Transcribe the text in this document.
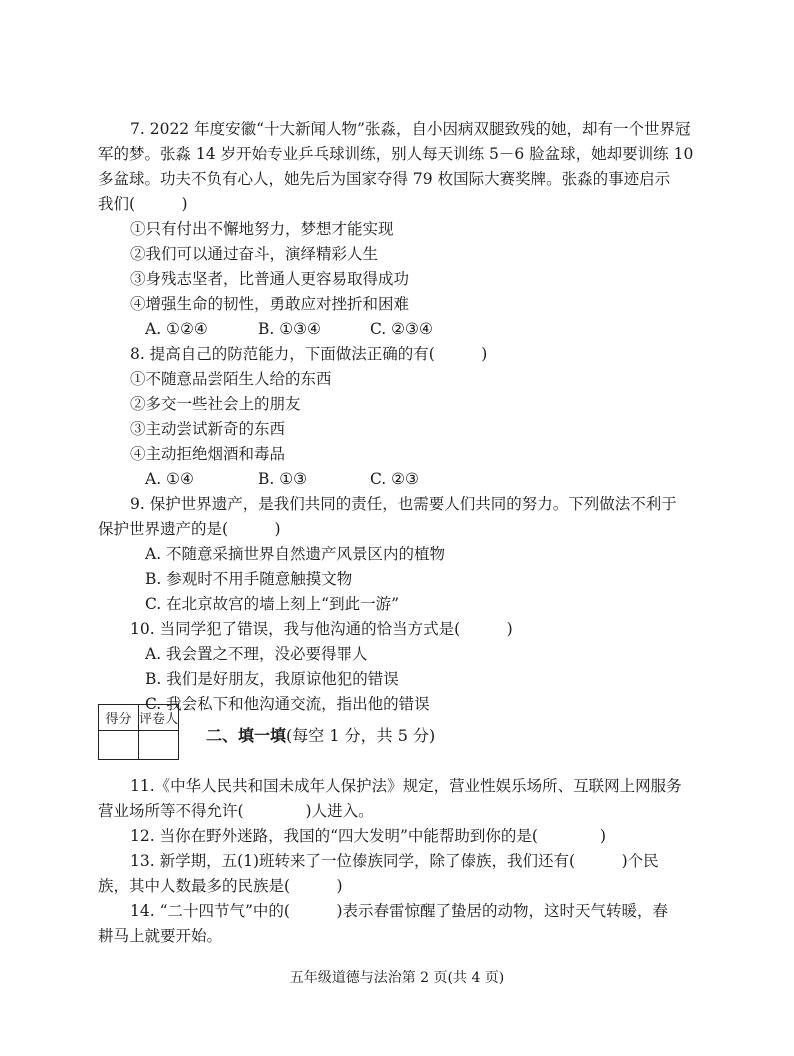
7. 2022 年度安徽“十大新闻人物”张淼，自小因病双腿致残的她，却有一个世界冠
军的梦。张淼 14 岁开始专业乒乓球训练，别人每天训练 5－6 脸盆球，她却要训练 10
多盆球。功夫不负有心人，她先后为国家夺得 79 枚国际大赛奖牌。张淼的事迹启示
我们(　　　)
①只有付出不懈地努力，梦想才能实现
②我们可以通过奋斗，演绎精彩人生
③身残志坚者，比普通人更容易取得成功
④增强生命的韧性，勇敢应对挫折和困难
A. ①②④	B. ①③④	C. ②③④
8. 提高自己的防范能力，下面做法正确的有(　　　)
①不随意品尝陌生人给的东西
②多交一些社会上的朋友
③主动尝试新奇的东西
④主动拒绝烟酒和毒品
A. ①④	B. ①③	C. ②③
9. 保护世界遗产，是我们共同的责任，也需要人们共同的努力。下列做法不利于
保护世界遗产的是(　　　)
A. 不随意采摘世界自然遗产风景区内的植物
B. 参观时不用手随意触摸文物
C. 在北京故宫的墙上刻上“到此一游”
10. 当同学犯了错误，我与他沟通的恰当方式是(　　　)
A. 我会置之不理，没必要得罪人
B. 我们是好朋友，我原谅他犯的错误
C. 我会私下和他沟通交流，指出他的错误
得分	评卷人

二、填一填(每空 1 分，共 5 分)
11.《中华人民共和国未成年人保护法》规定，营业性娱乐场所、互联网上网服务
营业场所等不得允许(　　　　)人进入。
12. 当你在野外迷路，我国的“四大发明”中能帮助到你的是(　　　　)
13. 新学期，五(1)班转来了一位傣族同学，除了傣族，我们还有(　　　)个民
族，其中人数最多的民族是(　　　)
14. “二十四节气”中的(　　　)表示春雷惊醒了蛰居的动物，这时天气转暖，春
耕马上就要开始。
五年级道德与法治第 2 页(共 4 页)
